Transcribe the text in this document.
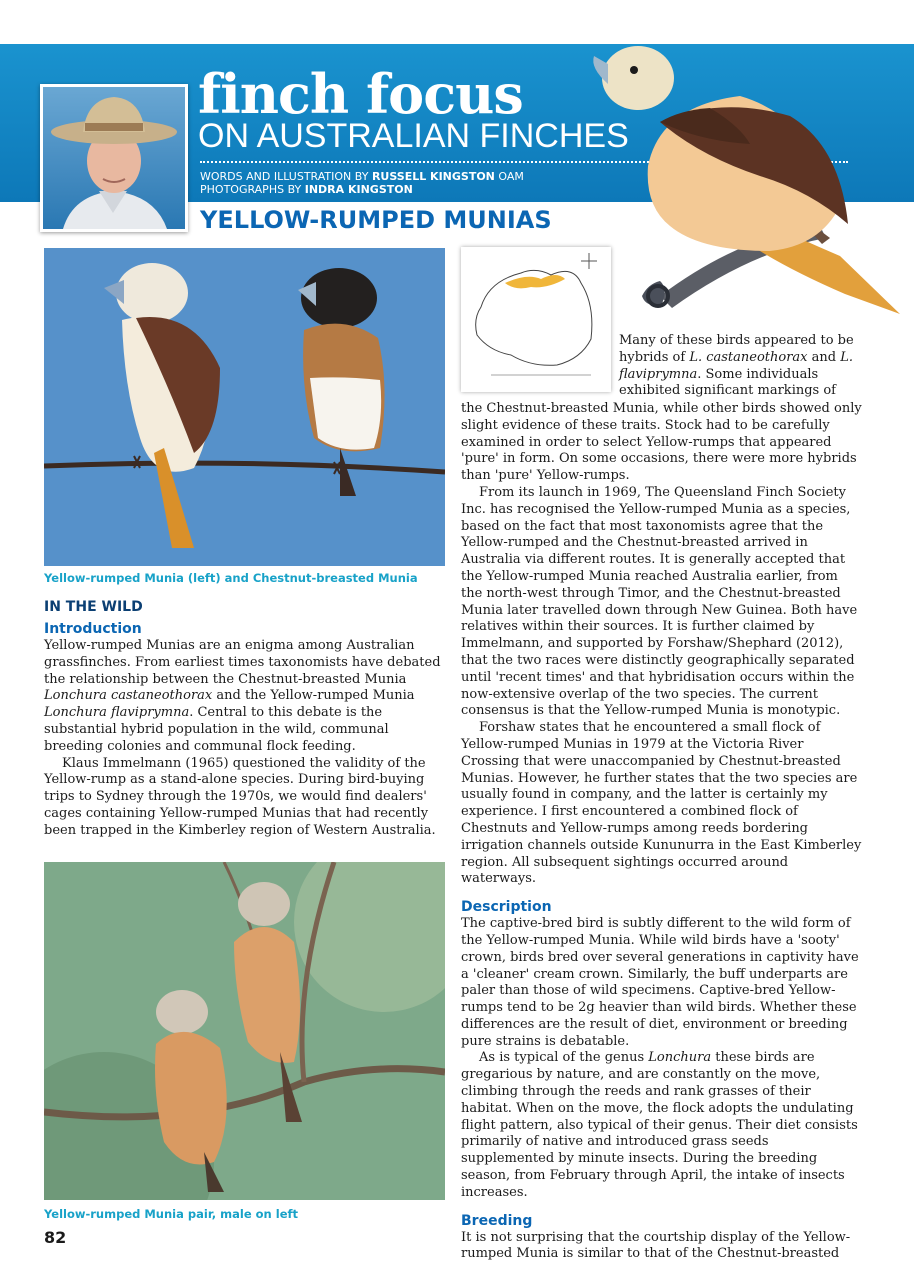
finch focus
ON AUSTRALIAN FINCHES
WORDS AND ILLUSTRATION BY RUSSELL KINGSTON OAM
PHOTOGRAPHS BY INDRA KINGSTON
YELLOW-RUMPED MUNIAS
Yellow-rumped Munia (left) and Chestnut-breasted Munia
IN THE WILD
Introduction

Yellow-rumped Munias are an enigma among Australian grassfinches. From earliest times taxonomists have debated the relationship between the Chestnut-breasted Munia Lonchura castaneothorax and the Yellow-rumped Munia Lonchura flaviprymna. Central to this debate is the substantial hybrid population in the wild, communal breeding colonies and communal flock feeding.

Klaus Immelmann (1965) questioned the validity of the Yellow-rump as a stand-alone species. During bird-buying trips to Sydney through the 1970s, we would find dealers' cages containing Yellow-rumped Munias that had recently been trapped in the Kimberley region of Western Australia.

Yellow-rumped Munia pair, male on left

Many of these birds appeared to be hybrids of L. castaneothorax and L. flaviprymna. Some individuals exhibited significant markings of

the Chestnut-breasted Munia, while other birds showed only slight evidence of these traits. Stock had to be carefully examined in order to select Yellow-rumps that appeared 'pure' in form. On some occasions, there were more hybrids than 'pure' Yellow-rumps.

From its launch in 1969, The Queensland Finch Society Inc. has recognised the Yellow-rumped Munia as a species, based on the fact that most taxonomists agree that the Yellow-rumped and the Chestnut-breasted arrived in Australia via different routes. It is generally accepted that the Yellow-rumped Munia reached Australia earlier, from the north-west through Timor, and the Chestnut-breasted Munia later travelled down through New Guinea. Both have relatives within their sources. It is further claimed by Immelmann, and supported by Forshaw/Shephard (2012), that the two races were distinctly geographically separated until 'recent times' and that hybridisation occurs within the now-extensive overlap of the two species. The current consensus is that the Yellow-rumped Munia is monotypic.

Forshaw states that he encountered a small flock of Yellow-rumped Munias in 1979 at the Victoria River Crossing that were unaccompanied by Chestnut-breasted Munias. However, he further states that the two species are usually found in company, and the latter is certainly my experience. I first encountered a combined flock of Chestnuts and Yellow-rumps among reeds bordering irrigation channels outside Kununurra in the East Kimberley region. All subsequent sightings occurred around waterways.

Description

The captive-bred bird is subtly different to the wild form of the Yellow-rumped Munia. While wild birds have a 'sooty' crown, birds bred over several generations in captivity have a 'cleaner' cream crown. Similarly, the buff underparts are paler than those of wild specimens. Captive-bred Yellow-rumps tend to be 2g heavier than wild birds. Whether these differences are the result of diet, environment or breeding pure strains is debatable.

As is typical of the genus Lonchura these birds are gregarious by nature, and are constantly on the move, climbing through the reeds and rank grasses of their habitat. When on the move, the flock adopts the undulating flight pattern, also typical of their genus. Their diet consists primarily of native and introduced grass seeds supplemented by minute insects. During the breeding season, from February through April, the intake of insects increases.

Breeding

It is not surprising that the courtship display of the Yellow-rumped Munia is similar to that of the Chestnut-breasted

82
